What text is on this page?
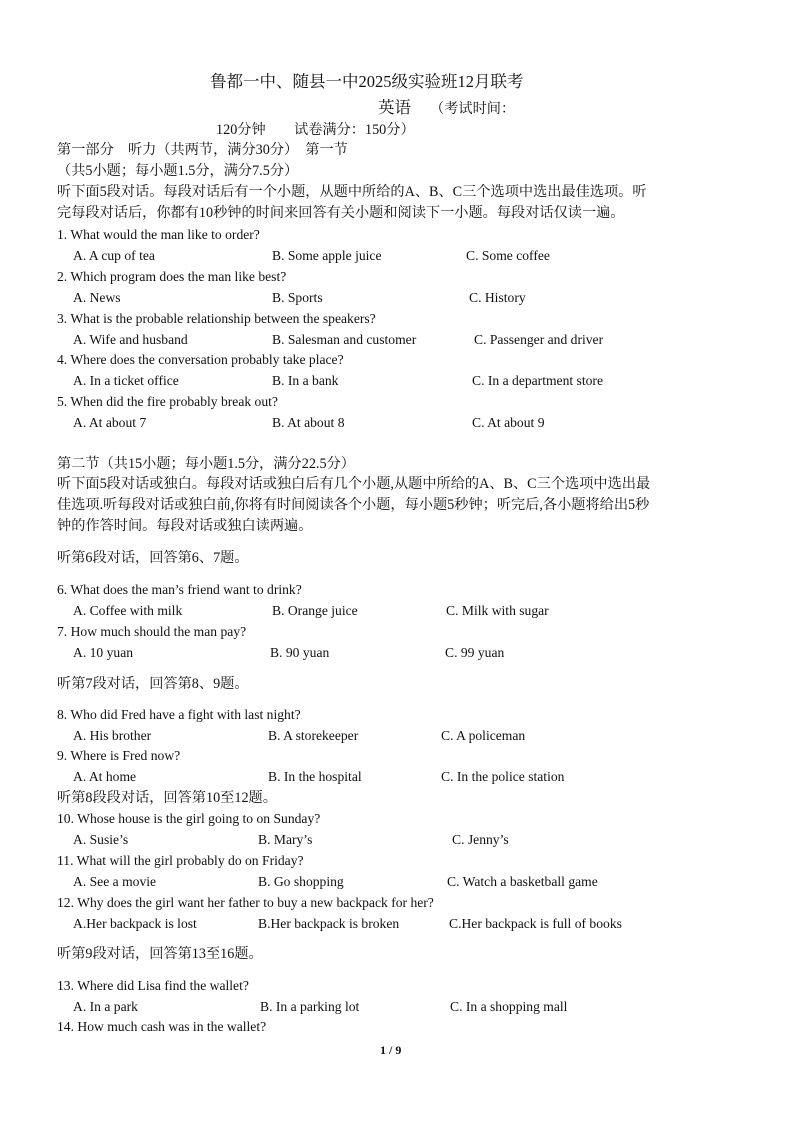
鲁都一中、随县一中2025级实验班12月联考
英语 （考试时间：
120分钟　　试卷满分：150分）
第一部分　听力（共两节，满分30分）　第一节
（共5小题；每小题1.5分，满分7.5分）
听下面5段对话。每段对话后有一个小题，从题中所给的A、B、C三个选项中选出最佳选项。听
完每段对话后，你都有10秒钟的时间来回答有关小题和阅读下一小题。每段对话仅读一遍。
1. What would the man like to order?
A. A cup of tea	B. Some apple juice	C. Some coffee
2. Which program does the man like best?
A. News	B. Sports	C. History
3. What is the probable relationship between the speakers?
A. Wife and husband	B. Salesman and customer	C. Passenger and driver
4. Where does the conversation probably take place?
A. In a ticket office	B. In a bank	C. In a department store
5. When did the fire probably break out?
A. At about 7	B. At about 8	C. At about 9
第二节（共15小题；每小题1.5分，满分22.5分）
听下面5段对话或独白。每段对话或独白后有几个小题,从题中所给的A、B、C三个选项中选出最
佳选项.听每段对话或独白前,你将有时间阅读各个小题，每小题5秒钟；听完后,各小题将给出5秒
钟的作答时间。每段对话或独白读两遍。
听第6段对话，回答第6、7题。
6. What does the man’s friend want to drink?
A. Coffee with milk	B. Orange juice	C. Milk with sugar
7. How much should the man pay?
A. 10 yuan	B. 90 yuan	C. 99 yuan
听第7段对话，回答第8、9题。
8. Who did Fred have a fight with last night?
A. His brother	B. A storekeeper	C. A policeman
9. Where is Fred now?
A. At home	B. In the hospital	C. In the police station
听第8段段对话，回答第10至12题。
10. Whose house is the girl going to on Sunday?
A. Susie’s	B. Mary’s	C. Jenny’s
11. What will the girl probably do on Friday?
A. See a movie	B. Go shopping	C. Watch a basketball game
12. Why does the girl want her father to buy a new backpack for her?
A.Her backpack is lost	B.Her backpack is broken	C.Her backpack is full of books
听第9段对话，回答第13至16题。
13. Where did Lisa find the wallet?
A. In a park	B. In a parking lot	C. In a shopping mall
14. How much cash was in the wallet?
1 / 9
